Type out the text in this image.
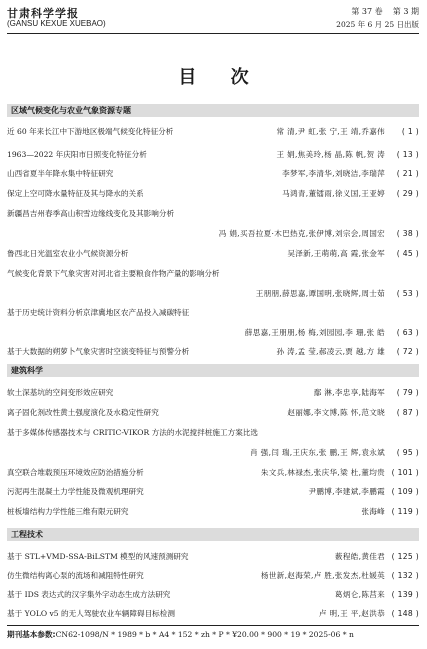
甘肃科学学报
(GANSU KEXUE XUEBAO)
第 37 卷    第 3 期
2025 年 6 月 25 日出版
目 次
区域气候变化与农业气象资源专题
近 60 年来长江中下游地区极端气候变化特征分析	常 清,尹 虹,张 宁,王 靖,乔嘉伟 ( 1 )
1963—2022 年庆阳市日照变化特征分析	王 娟,焦美玲,杨 晶,陈 帆,贺 涛 ( 13 )
山西省夏半年降水集中特征研究	李梦军,李清华,刘晓洁,李瑞萍 ( 21 )
保定上空可降水量特征及其与降水的关系	马鸿青,董镭雨,徐义国,王亚婷 ( 29 )
新疆昌吉州春季高山积雪边缘线变化及其影响分析
冯 娟,买吾拉夏·木巴热克,张伊博,刘宗会,周国宏 ( 38 )
鲁西北日光温室农业小气候资源分析	吴泽新,王萌萌,高 霞,张金军 ( 45 )
气候变化背景下气象灾害对河北省主要粮食作物产量的影响分析
王朋朋,薛思嘉,谭国明,张晓辉,周士茹 ( 53 )
基于历史统计资料分析京津冀地区农产品投入减碳特征
薛思嘉,王朋朋,杨 梅,刘园园,李 珊,张 皓 ( 63 )
基于大数据的朔萝卜气象灾害时空演变特征与预警分析	孙 涛,孟 莹,郝凌云,贾 越,方 雄 ( 72 )
建筑科学
软土深基坑的空间变形效应研究	鄢 淋,李忠享,陆海军 ( 79 )
离子固化剂改性黄土强度演化及水稳定性研究	赵丽娜,李文博,陈 怀,范文晓 ( 87 )
基于多媒体传感器技术与 CRITIC-VIKOR 方法的水泥搅拌桩施工方案比选
肖 强,闫 瑞,王庆东,张 鹏,王 辉,袁永斌 ( 95 )
真空联合堆载预压环境效应防治措施分析	朱文兵,林禄杰,张庆华,梁 杜,董均贵 ( 101 )
污泥再生混凝土力学性能及微观机理研究	尹鹏博,李建斌,李鹏霞 ( 109 )
桩板墙结构力学性能三维有限元研究	张海峰 ( 119 )
工程技术
基于 STL+VMD-SSA-BiLSTM 模型的风速预测研究	薮程皓,黄佳君 ( 125 )
仿生微结构离心泵的流场和减阻特性研究	杨世新,赵海荣,卢 胜,张发杰,杜媛英 ( 132 )
基于 IDS 表达式的汉字集外字动态生成方法研究	葛炳仑,陈莒来 ( 139 )
基于 YOLO v5 的无人驾驶农业车辆障碍目标检测	卢 明,王 平,赵洪恭 ( 148 )
期刊基本参数:CN62-1098/N * 1989 * b * A4 * 152 * zh * P * ¥20.00 * 900 * 19 * 2025-06 * n
